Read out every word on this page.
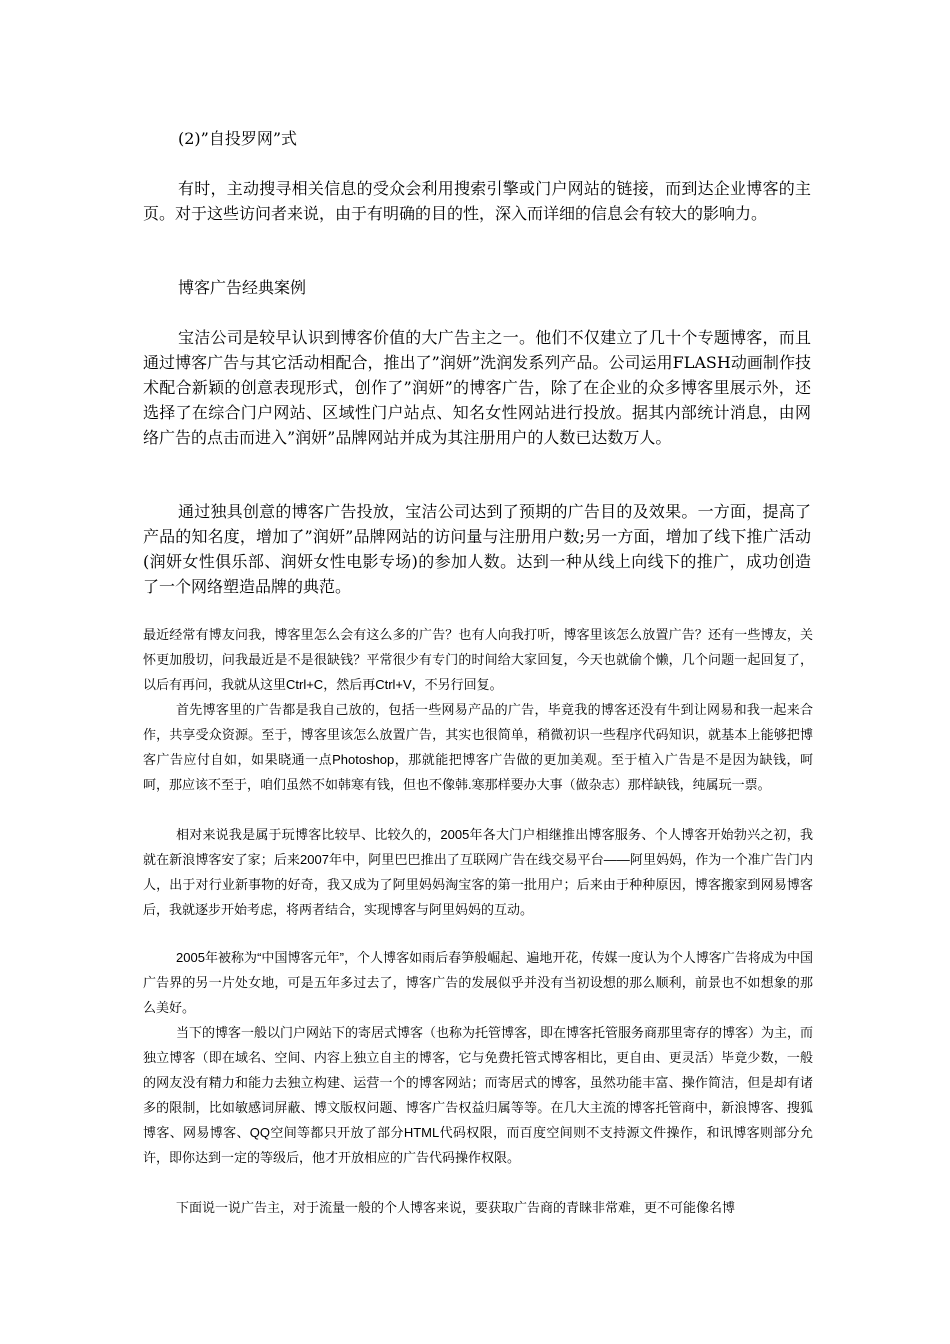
(2)”自投罗网”式

有时，主动搜寻相关信息的受众会利用搜索引擎或门户网站的链接，而到达企业博客的主页。对于这些访问者来说，由于有明确的目的性，深入而详细的信息会有较大的影响力。

博客广告经典案例

宝洁公司是较早认识到博客价值的大广告主之一。他们不仅建立了几十个专题博客，而且通过博客广告与其它活动相配合，推出了”润妍”洗润发系列产品。公司运用FLASH动画制作技术配合新颖的创意表现形式，创作了”润妍”的博客广告，除了在企业的众多博客里展示外，还选择了在综合门户网站、区域性门户站点、知名女性网站进行投放。据其内部统计消息，由网络广告的点击而进入”润妍”品牌网站并成为其注册用户的人数已达数万人。

通过独具创意的博客广告投放，宝洁公司达到了预期的广告目的及效果。一方面，提高了产品的知名度，增加了”润妍”品牌网站的访问量与注册用户数;另一方面，增加了线下推广活动(润妍女性俱乐部、润妍女性电影专场)的参加人数。达到一种从线上向线下的推广，成功创造了一个网络塑造品牌的典范。

最近经常有博友问我，博客里怎么会有这么多的广告？也有人向我打听，博客里该怎么放置广告？还有一些博友，关怀更加殷切，问我最近是不是很缺钱？平常很少有专门的时间给大家回复，今天也就偷个懒，几个问题一起回复了，以后有再问，我就从这里Ctrl+C，然后再Ctrl+V，不另行回复。

首先博客里的广告都是我自己放的，包括一些网易产品的广告，毕竟我的博客还没有牛到让网易和我一起来合作，共享受众资源。至于，博客里该怎么放置广告，其实也很简单，稍微初识一些程序代码知识，就基本上能够把博客广告应付自如，如果晓通一点Photoshop，那就能把博客广告做的更加美观。至于植入广告是不是因为缺钱，呵呵，那应该不至于，咱们虽然不如韩寒有钱，但也不像韩.寒那样要办大事（做杂志）那样缺钱，纯属玩一票。

相对来说我是属于玩博客比较早、比较久的，2005年各大门户相继推出博客服务、个人博客开始勃兴之初，我就在新浪博客安了家；后来2007年中，阿里巴巴推出了互联网广告在线交易平台——阿里妈妈，作为一个准广告门内人，出于对行业新事物的好奇，我又成为了阿里妈妈淘宝客的第一批用户；后来由于种种原因，博客搬家到网易博客后，我就逐步开始考虑，将两者结合，实现博客与阿里妈妈的互动。

2005年被称为“中国博客元年”，个人博客如雨后春笋般崛起、遍地开花，传媒一度认为个人博客广告将成为中国广告界的另一片处女地，可是五年多过去了，博客广告的发展似乎并没有当初设想的那么顺利，前景也不如想象的那么美好。

当下的博客一般以门户网站下的寄居式博客（也称为托管博客，即在博客托管服务商那里寄存的博客）为主，而独立博客（即在域名、空间、内容上独立自主的博客，它与免费托管式博客相比，更自由、更灵活）毕竟少数，一般的网友没有精力和能力去独立构建、运营一个的博客网站；而寄居式的博客，虽然功能丰富、操作简洁，但是却有诸多的限制，比如敏感词屏蔽、博文版权问题、博客广告权益归属等等。在几大主流的博客托管商中，新浪博客、搜狐博客、网易博客、QQ空间等都只开放了部分HTML代码权限，而百度空间则不支持源文件操作，和讯博客则部分允许，即你达到一定的等级后，他才开放相应的广告代码操作权限。

下面说一说广告主，对于流量一般的个人博客来说，要获取广告商的青睐非常难，更不可能像名博
